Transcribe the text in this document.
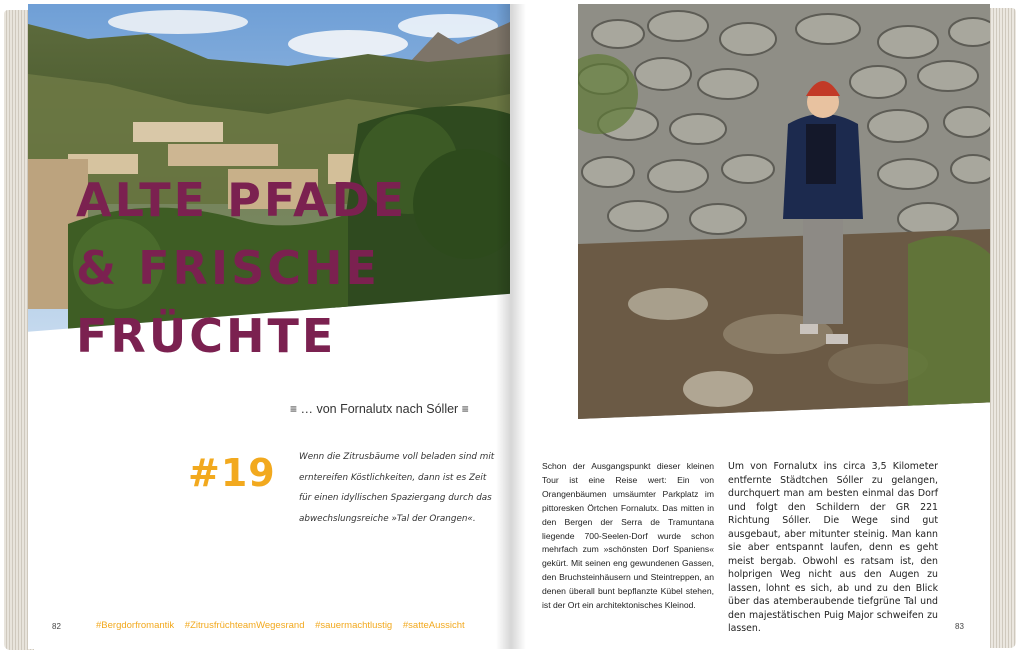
ALTE PFADE
& FRISCHE
FRÜCHTE
≡ … von Fornalutx nach Sóller ≡
#19	Wenn die Zitrusbäume voll beladen sind mit erntereifen Köstlichkeiten, dann ist es Zeit für einen idyllischen Spaziergang durch das abwechslungsreiche »Tal der Orangen«.
82	#Bergdorfromantik #ZitrusfrüchteamWegesrand #sauermachtlustig #satteAussicht
Schon der Ausgangspunkt dieser kleinen Tour ist eine Reise wert: Ein von Orangenbäumen umsäumter Parkplatz im pittoresken Örtchen Fornalutx. Das mitten in den Bergen der Serra de Tramuntana liegende 700-Seelen-Dorf wurde schon mehrfach zum »schönsten Dorf Spaniens« gekürt. Mit seinen eng gewundenen Gassen, den Bruchsteinhäusern und Steintreppen, an denen überall bunt bepflanzte Kübel stehen, ist der Ort ein architektonisches Kleinod.
Um von Fornalutx ins circa 3,5 Kilometer entfernte Städtchen Sóller zu gelangen, durchquert man am besten einmal das Dorf und folgt den Schildern der GR 221 Richtung Sóller. Die Wege sind gut ausgebaut, aber mitunter steinig. Man kann sie aber entspannt laufen, denn es geht meist bergab. Obwohl es ratsam ist, den holprigen Weg nicht aus den Augen zu lassen, lohnt es sich, ab und zu den Blick über das atemberaubende tiefgrüne Tal und den majestätischen Puig Major schweifen zu lassen.	83
